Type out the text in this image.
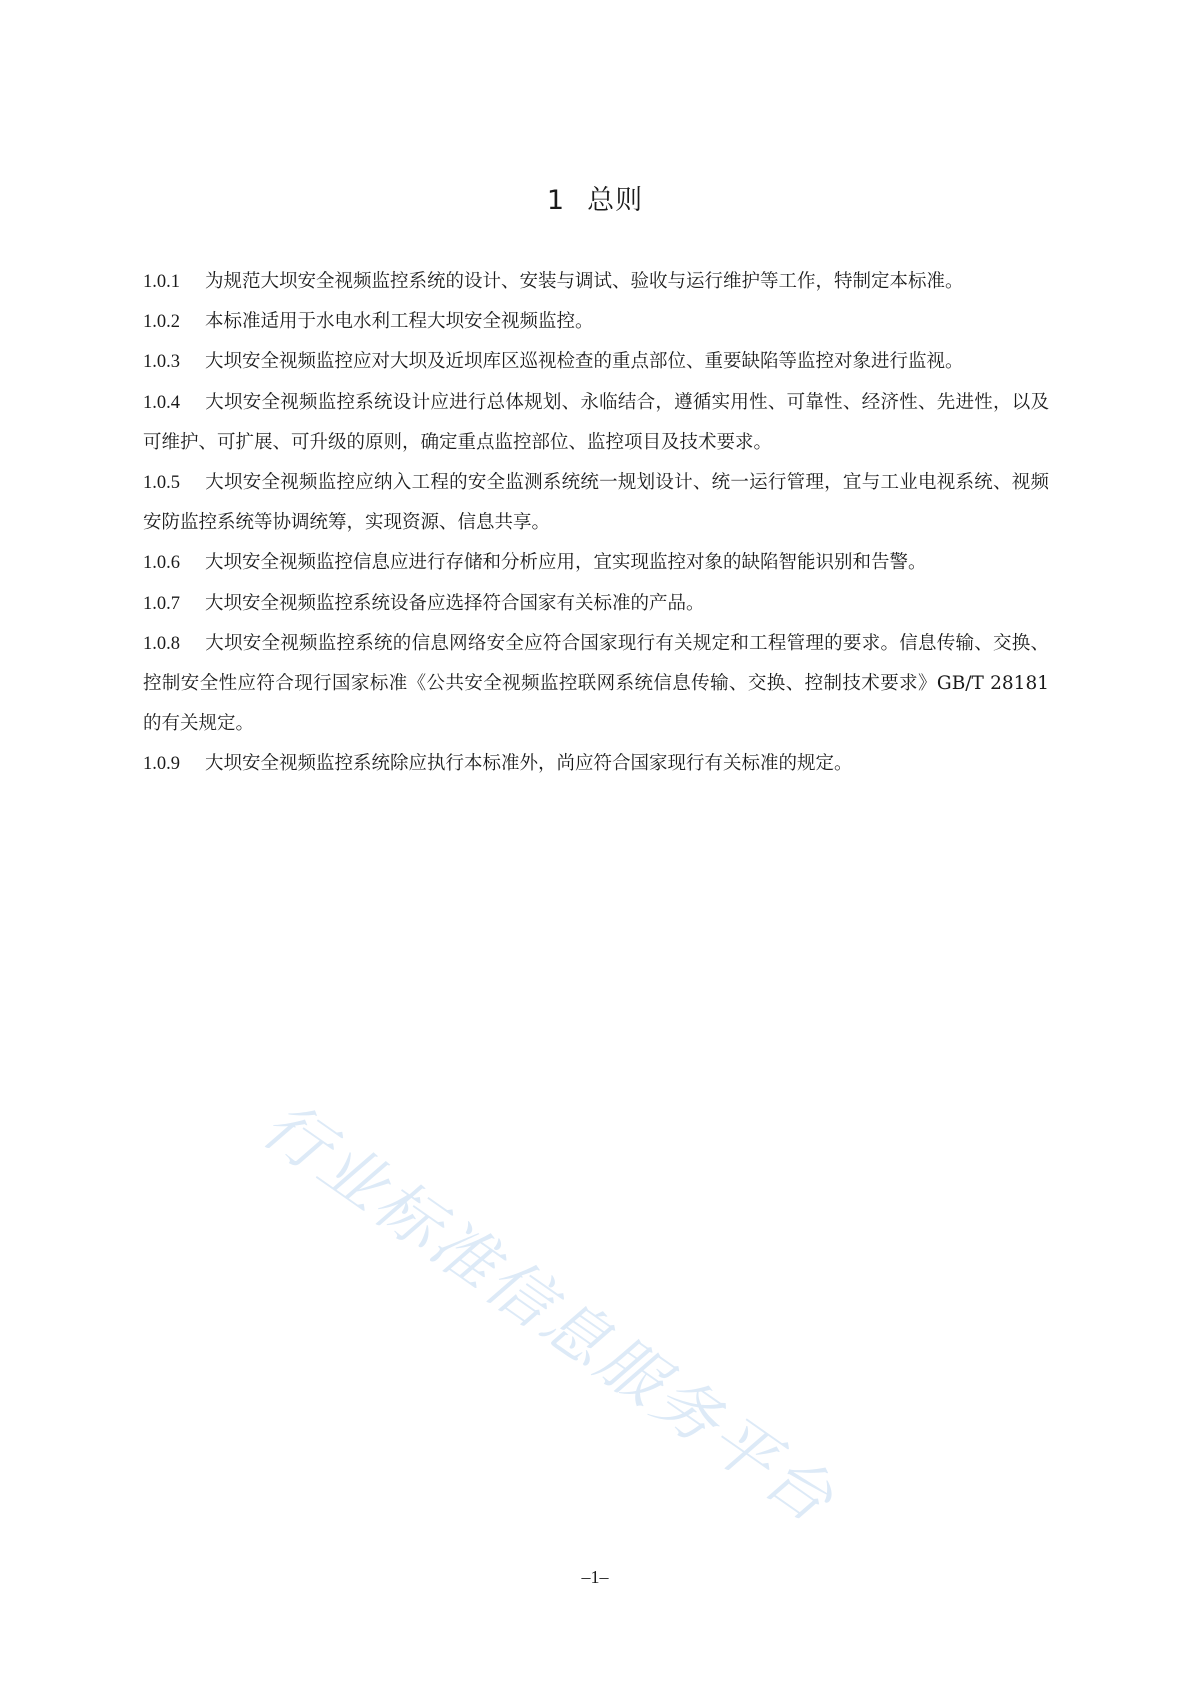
1 总则
1.0.1 为规范大坝安全视频监控系统的设计、安装与调试、验收与运行维护等工作，特制定本标准。
1.0.2 本标准适用于水电水利工程大坝安全视频监控。
1.0.3 大坝安全视频监控应对大坝及近坝库区巡视检查的重点部位、重要缺陷等监控对象进行监视。
1.0.4 大坝安全视频监控系统设计应进行总体规划、永临结合，遵循实用性、可靠性、经济性、先进性，以及可维护、可扩展、可升级的原则，确定重点监控部位、监控项目及技术要求。
1.0.5 大坝安全视频监控应纳入工程的安全监测系统统一规划设计、统一运行管理，宜与工业电视系统、视频安防监控系统等协调统筹，实现资源、信息共享。
1.0.6 大坝安全视频监控信息应进行存储和分析应用，宜实现监控对象的缺陷智能识别和告警。
1.0.7 大坝安全视频监控系统设备应选择符合国家有关标准的产品。
1.0.8 大坝安全视频监控系统的信息网络安全应符合国家现行有关规定和工程管理的要求。信息传输、交换、控制安全性应符合现行国家标准《公共安全视频监控联网系统信息传输、交换、控制技术要求》GB/T 28181 的有关规定。
1.0.9 大坝安全视频监控系统除应执行本标准外，尚应符合国家现行有关标准的规定。
行业标准信息服务平台
–1–
